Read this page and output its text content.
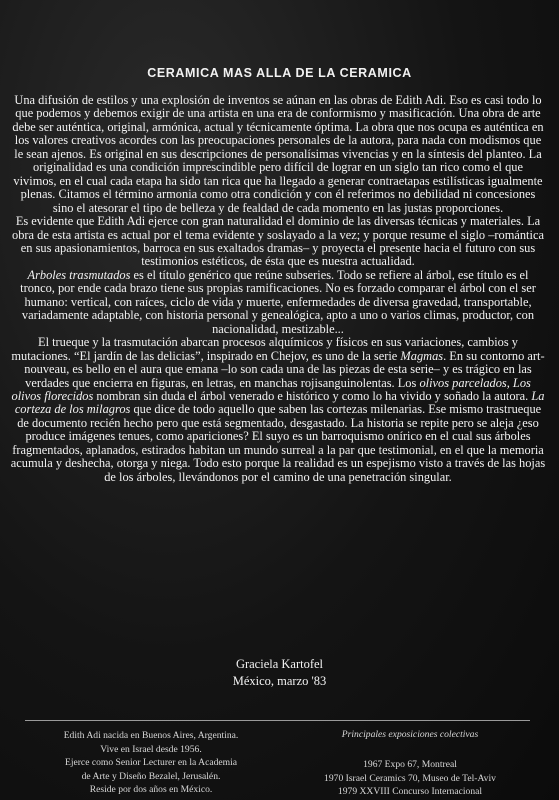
CERAMICA MAS ALLA DE LA CERAMICA

Una difusión de estilos y una explosión de inventos se aúnan en las obras de Edith Adi. Eso es casi todo lo que podemos y debemos exigir de una artista en una era de conformismo y masificación. Una obra de arte debe ser auténtica, original, armónica, actual y técnicamente óptima. La obra que nos ocupa es auténtica en los valores creativos acordes con las preocupaciones personales de la autora, para nada con modismos que le sean ajenos. Es original en sus descripciones de personalísimas vivencias y en la síntesis del planteo. La originalidad es una condición imprescindible pero difícil de lograr en un siglo tan rico como el que vivimos, en el cual cada etapa ha sido tan rica que ha llegado a generar contraetapas estilísticas igualmente plenas. Citamos el término armonia como otra condición y con él referimos no debilidad ni concesiones sino el atesorar el tipo de belleza y de fealdad de cada momento en las justas proporciones.

Es evidente que Edith Adi ejerce con gran naturalidad el dominio de las diversas técnicas y materiales. La obra de esta artista es actual por el tema evidente y soslayado a la vez; y porque resume el siglo –romántica en sus apasionamientos, barroca en sus exaltados dramas– y proyecta el presente hacia el futuro con sus testimonios estéticos, de ésta que es nuestra actualidad.

Arboles trasmutados es el título genérico que reúne subseries. Todo se refiere al árbol, ese título es el tronco, por ende cada brazo tiene sus propias ramificaciones. No es forzado comparar el árbol con el ser humano: vertical, con raíces, ciclo de vida y muerte, enfermedades de diversa gravedad, transportable, variadamente adaptable, con historia personal y genealógica, apto a uno o varios climas, productor, con nacionalidad, mestizable...

El trueque y la trasmutación abarcan procesos alquímicos y físicos en sus variaciones, cambios y mutaciones. “El jardín de las delicias”, inspirado en Chejov, es uno de la serie Magmas. En su contorno art-nouveau, es bello en el aura que emana –lo son cada una de las piezas de esta serie– y es trágico en las verdades que encierra en figuras, en letras, en manchas rojisanguinolentas. Los olivos parcelados, Los olivos florecidos nombran sin duda el árbol venerado e histórico y como lo ha vivido y soñado la autora. La corteza de los milagros que dice de todo aquello que saben las cortezas milenarias. Ese mismo trastrueque de documento recién hecho pero que está segmentado, desgastado. La historia se repite pero se aleja ¿eso produce imágenes tenues, como apariciones? El suyo es un barroquismo onírico en el cual sus árboles fragmentados, aplanados, estirados habitan un mundo surreal a la par que testimonial, en el que la memoria acumula y deshecha, otorga y niega. Todo esto porque la realidad es un espejismo visto a través de las hojas de los árboles, llevándonos por el camino de una penetración singular.

Graciela Kartofel
México, marzo '83
Edith Adi nacida en Buenos Aires, Argentina.
Vive en Israel desde 1956.
Ejerce como Senior Lecturer en la Academia
de Arte y Diseño Bezalel, Jerusalén.
Reside por dos años en México.
Principales exposiciones colectivas
1967 Expo 67, Montreal
1970 Israel Ceramics 70, Museo de Tel-Aviv
1979 XXVIII Concurso Internacional
